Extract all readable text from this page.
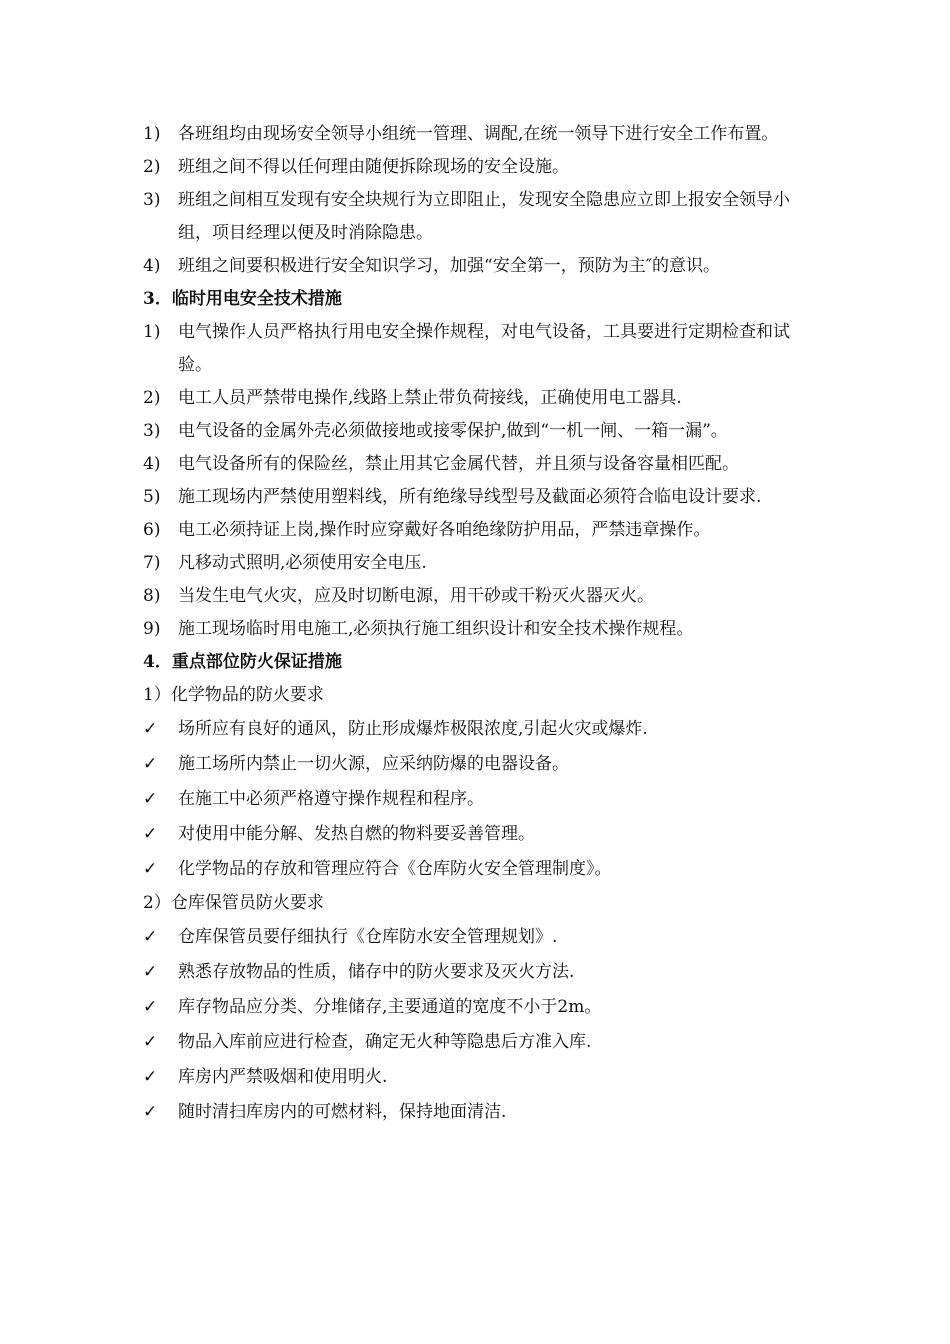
1)	各班组均由现场安全领导小组统一管理、调配,在统一领导下进行安全工作布置。
2)	班组之间不得以任何理由随便拆除现场的安全设施。
3)	班组之间相互发现有安全块规行为立即阻止，发现安全隐患应立即上报安全领导小组，项目经理以便及时消除隐患。
4)	班组之间要积极进行安全知识学习，加强“安全第一，预防为主″的意识。
3．临时用电安全技术措施
1)	电气操作人员严格执行用电安全操作规程，对电气设备，工具要进行定期检查和试验。
2)	电工人员严禁带电操作,线路上禁止带负荷接线，正确使用电工器具.
3)	电气设备的金属外壳必须做接地或接零保护,做到“一机一闸、一箱一漏”。
4)	电气设备所有的保险丝，禁止用其它金属代替，并且须与设备容量相匹配。
5)	施工现场内严禁使用塑料线，所有绝缘导线型号及截面必须符合临电设计要求.
6)	电工必须持证上岗,操作时应穿戴好各咱绝缘防护用品，严禁违章操作。
7)	凡移动式照明,必须使用安全电压.
8)	当发生电气火灾，应及时切断电源，用干砂或干粉灭火器灭火。
9)	施工现场临时用电施工,必须执行施工组织设计和安全技术操作规程。
4．重点部位防火保证措施
1）化学物品的防火要求
✓	场所应有良好的通风，防止形成爆炸极限浓度,引起火灾或爆炸.
✓	施工场所内禁止一切火源，应采纳防爆的电器设备。
✓	在施工中必须严格遵守操作规程和程序。
✓	对使用中能分解、发热自燃的物料要妥善管理。
✓	化学物品的存放和管理应符合《仓库防火安全管理制度》。
2）仓库保管员防火要求
✓	仓库保管员要仔细执行《仓库防水安全管理规划》.
✓	熟悉存放物品的性质，储存中的防火要求及灭火方法.
✓	库存物品应分类、分堆储存,主要通道的宽度不小于2m。
✓	物品入库前应进行检查，确定无火种等隐患后方准入库.
✓	库房内严禁吸烟和使用明火.
✓	随时清扫库房内的可燃材料，保持地面清洁.
